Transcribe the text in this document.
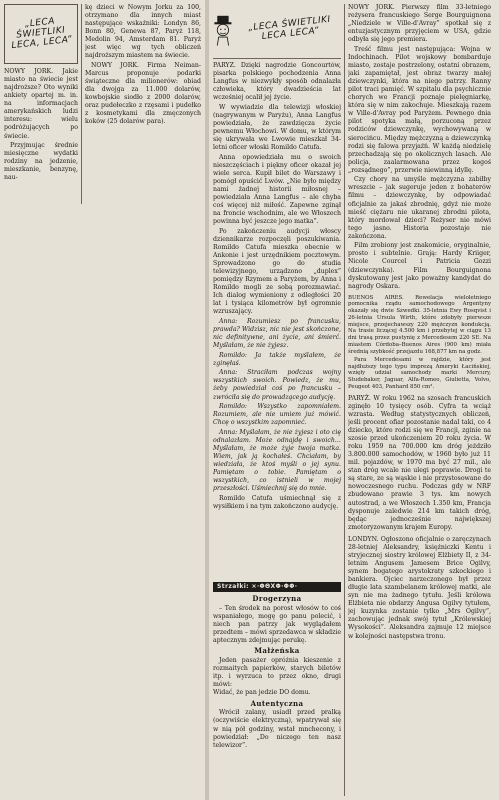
„LECA ŚWIETLIKI LECA, LECA”

NOWY JORK. Jakie miasto na świecie jest najdroższe? Oto wyniki ankiety opartej m. in. na informacjach amerykańskich ludzi interesu: wielu podróżujących po świecie.

Przyjmując średnie miesięczne wydatki rodziny na jedzenie, mieszkanie, benzynę, nau-

kę dzieci w Nowym Jorku za 100, otrzymano dla innych miast następujące wskaźniki: Londyn 86, Bonn 80, Genewa 87, Paryż 118, Medolin 94, Amsterdam 81. Paryż jest więc wg tych obliczeń najdroższym miastem na świecie.

NOWY JORK. Firma Neiman-Marcus proponuje podarki świąteczne dla milionerów: obiad dla dwojga za 11.000 dolarów, kowbojskie siodło z 2000 dolarów, oraz pudełeczko z rzęsami i pudełko z kosmetykami dla zmęczonych koków (25 dolarów para).

„LECA ŚWIETLIKI LECA LECA”

PARYŻ. Dzięki nagrodzie Goncourtów, pisarka polskiego pochodzenia Anna Langfus w niezwykły sposób odnalazła człowieka, który dwadzieścia lat wcześniej ocalił jej życie.

W wywiadzie dla telewizji włoskiej (nagrywanym w Paryżu), Anna Langfus powiedziała, że zawdzięcza życie pewnemu Włochowi. W domu, w którym się ukrywała we Lwowie mieszkał 34-letni oficer włoski Romildo Catufa.

Anna opowiedziała mu o swoich nieszczęściach i piękny oficer okazał jej wiele serca. Kupił bilet do Warszawy i pomógł opuścić Lwów. „Nie było między nami żadnej historii miłosnej – powiedziała Anna Langfus – ale chyba coś więcej niż miłość. Zapewne zginął na froncie wschodnim, ale we Włoszech powinna być jeszcze jego matka”.

Po zakończeniu audycji włoscy dziennikarze rozpoczęli poszukiwania. Romildo Catufa mieszka obecnie w Ankonie i jest urzędnikiem pocztowym. Sprowadzono go do studia telewizyjnego, urządzono „duplex” pomiędzy Rzymem a Paryżem, by Anna i Romildo mogli ze sobą porozmawiać. Ich dialog wymieniony z odległości 20 lat i tysiąca kilometrów był ogromnie wzruszający.

Anna: Rozumiesz po francusku, prawda? Widzisz, nic nie jest skończone, nic definitywne, ani życie, ani śmierć. Myślałam, że nie żyjesz.

Romildo: Ja także myślałem, że zginęłaś.

Anna: Straciłam podczas wojny wszystkich swoich. Powiedz, że mu, żeby powiedział coś po francusku – zwróciła się do prowadzącego audycję.

Romildo: Wszystko zapomniałem. Rozumiem, ale nie umiem już mówić. Chcę o wszystkim zapomnieć.

Anna: Myślałam, że nie żyjesz i oto cię odnalazłam. Może odnajdę i swoich… Myślałam, że może żyje twoja matka. Wiem, jak ją kochałeś. Chciałam, by wiedziała, że ktoś myśli o jej synu. Pamiętam o tobie. Pamiętam o wszystkich, co istnieli w mojej przeszłości. Uśmiechnij się do mnie.

Romildo Catufa uśmiechnął się z wysiłkiem i na tym zakończono audycję.

Strzałki: ×·ΦΘΧΦ·ΦΦ·

Drogerzyna

– Ten środek na porost włosów to coś wspaniałego, mogę go panu polecić, i niech pan patrzy jak wyglądałem przedtem – mówi sprzedawca w składzie aptecznym zdejmując perukę.

Małżeńska

Jeden pasażer opróżnia kieszenie z rozmaitych papierków, starych biletów itp. i wyrzuca to przez okno, drugi mówi:
Widać, że pan jedzie DO domu.

Autentyczna

Wrócił zalany, usiadł przed pralką (oczywiście elektryczną), wpatrywał się w nią pół godziny, wstał mnchecony, i powiedział: „Do niczego ten nasz telewizor”.

NOWY JORK. Pierwszy film 33-letniego reżysera francuskiego Serge Bourguignona „Niedziele w Ville-d'Avray” spotkał się z entuzjastycznym przyjęciem w USA, gdzie odbyła się jego premiera.

Treść filmu jest następująca: Wojna w Indochinach. Pilot wojskowy bombarduje miasto, zostaje postrzelony, ostatni obrazem, jaki zapamiętał, jest obraz twarzy małej dziewczynki, która na niego patrzy. Ranny pilot traci pamięć. W szpitalu dla psychicznie chorych we Francji poznaje pielęgniarkę, która się w nim zakochuje. Mieszkają razem w Ville-d'Avray pod Paryżem. Pewnego dnia pilot spotyka małą, porzuconą przez rodziców dziewczynkę, wychowywaną w sierocińcu. Między mężczyzną a dziewczynką rodzi się falowa przyjaźń. W każdą niedzielę przechadzają się po okolicznych lasach. Ale policja, zaalarmowana przez kogoś „rozsądnego”, przerwie niewinną idyllę.

Czy chory na umyśle mężczyzna zabiłby wreszcie – jak sugeruje jeden z bohaterów filmu – dziewczynkę, by odpowiadać oficjalnie za jakaś zbrodnię, gdyż nie może mieść ciężaru nie ukaranej zbrodni pilota, który mordował dzieci? Reżyser nie mówi tego jasno. Historia pozostaje nie zakończona.

Film zrobiony jest znakomicie, oryginalnie, prosto i subtelnie. Grają: Hardy Kriiger, Nicole Courcel i Patricia Gozzi (dziewczynka). Film Bourguignona dyskutowany jest jako poważny kandydat do nagrody Oskara.

BUENOS AIRES. Rewelacja wieloletniego pomocnika rządu samochodowego Argentyny okazały się dwie Szwedki. 35-letnia Ewy Rosqvist i 26-letnia Ursula Wirth, które zdobyły pierwsze miejsce, przejechawszy 220 mężczyzn kondukcją. Na trasie liczącej 4.500 km i przebytej w ciągu 13 dni trasą przez pustynię z Mercedesem 220 SE. Na miastem Córdoba–Buenos Aires (900 km) miała średnią szybkość przejazdu 168,877 km na godz.

Para Mercedesami w rajdzie, który jest najdłuższy tego typu imprezą Ameryki Łacińskiej, wzięły udział samochody marki Mercury, Studebaker, Jaguar, Alfa-Romeo, Giulietta, Volvo, Peugeot 403, Panhard 850 cm³.

PARYŻ. W roku 1962 na szosach francuskich zginęło 10 tysięcy osób. Cyfra ta wciąż wzrasta. Według statystycznych obliczeń, jeśli procent ofiar pozostanie nadal taki, co 4 dziecko, które rodzi się we Francji, zginie na szosie przed ukończeniem 20 roku życia. W roku 1959 na 700.000 km dróg jeździło 3.800.000 samochodów, w 1960 było już 11 mil. pojazdów, w 1970 ma być 27 mil., ale stan dróg wcale nie ulegi poprawie. Drogi te są stare, ze są wąskie i nie przystosowane do nowoczesnego ruchu. Podczas gdy w NRF zbudowano prawie 3 tys. km nowych autostrad, a we Włoszech 1.350 km, Francja dysponuje zaledwie 214 km takich dróg, będąc jednocześnie największej zmotoryzowanym krajem Europy.

LONDYN. Ogłoszono oficjalnie o zaręczynach 28-letniej Aleksandry, księżniczki Kentu i stryjecznej siostry królowej Elżbiety II, z 34-letnim Angusem Jamesem Brice Ogilvy, synem bogatego arystokraty szkockiego i bankiera. Ojciec narzeczonego był przez długie lata szambelanem królowej matki, ale syn nie ma żadnego tytułu. Jeśli królowa Elżbieta nie obdarzy Angusa Ogilvy tytułem, jej kuzynka zostanie tylko „Mrs Ogilvy”, zachowując jednak swój tytuł „Królewskiej Wysokości”. Aleksandra zajmuje 12 miejsce w kolejności następstwa tronu.
